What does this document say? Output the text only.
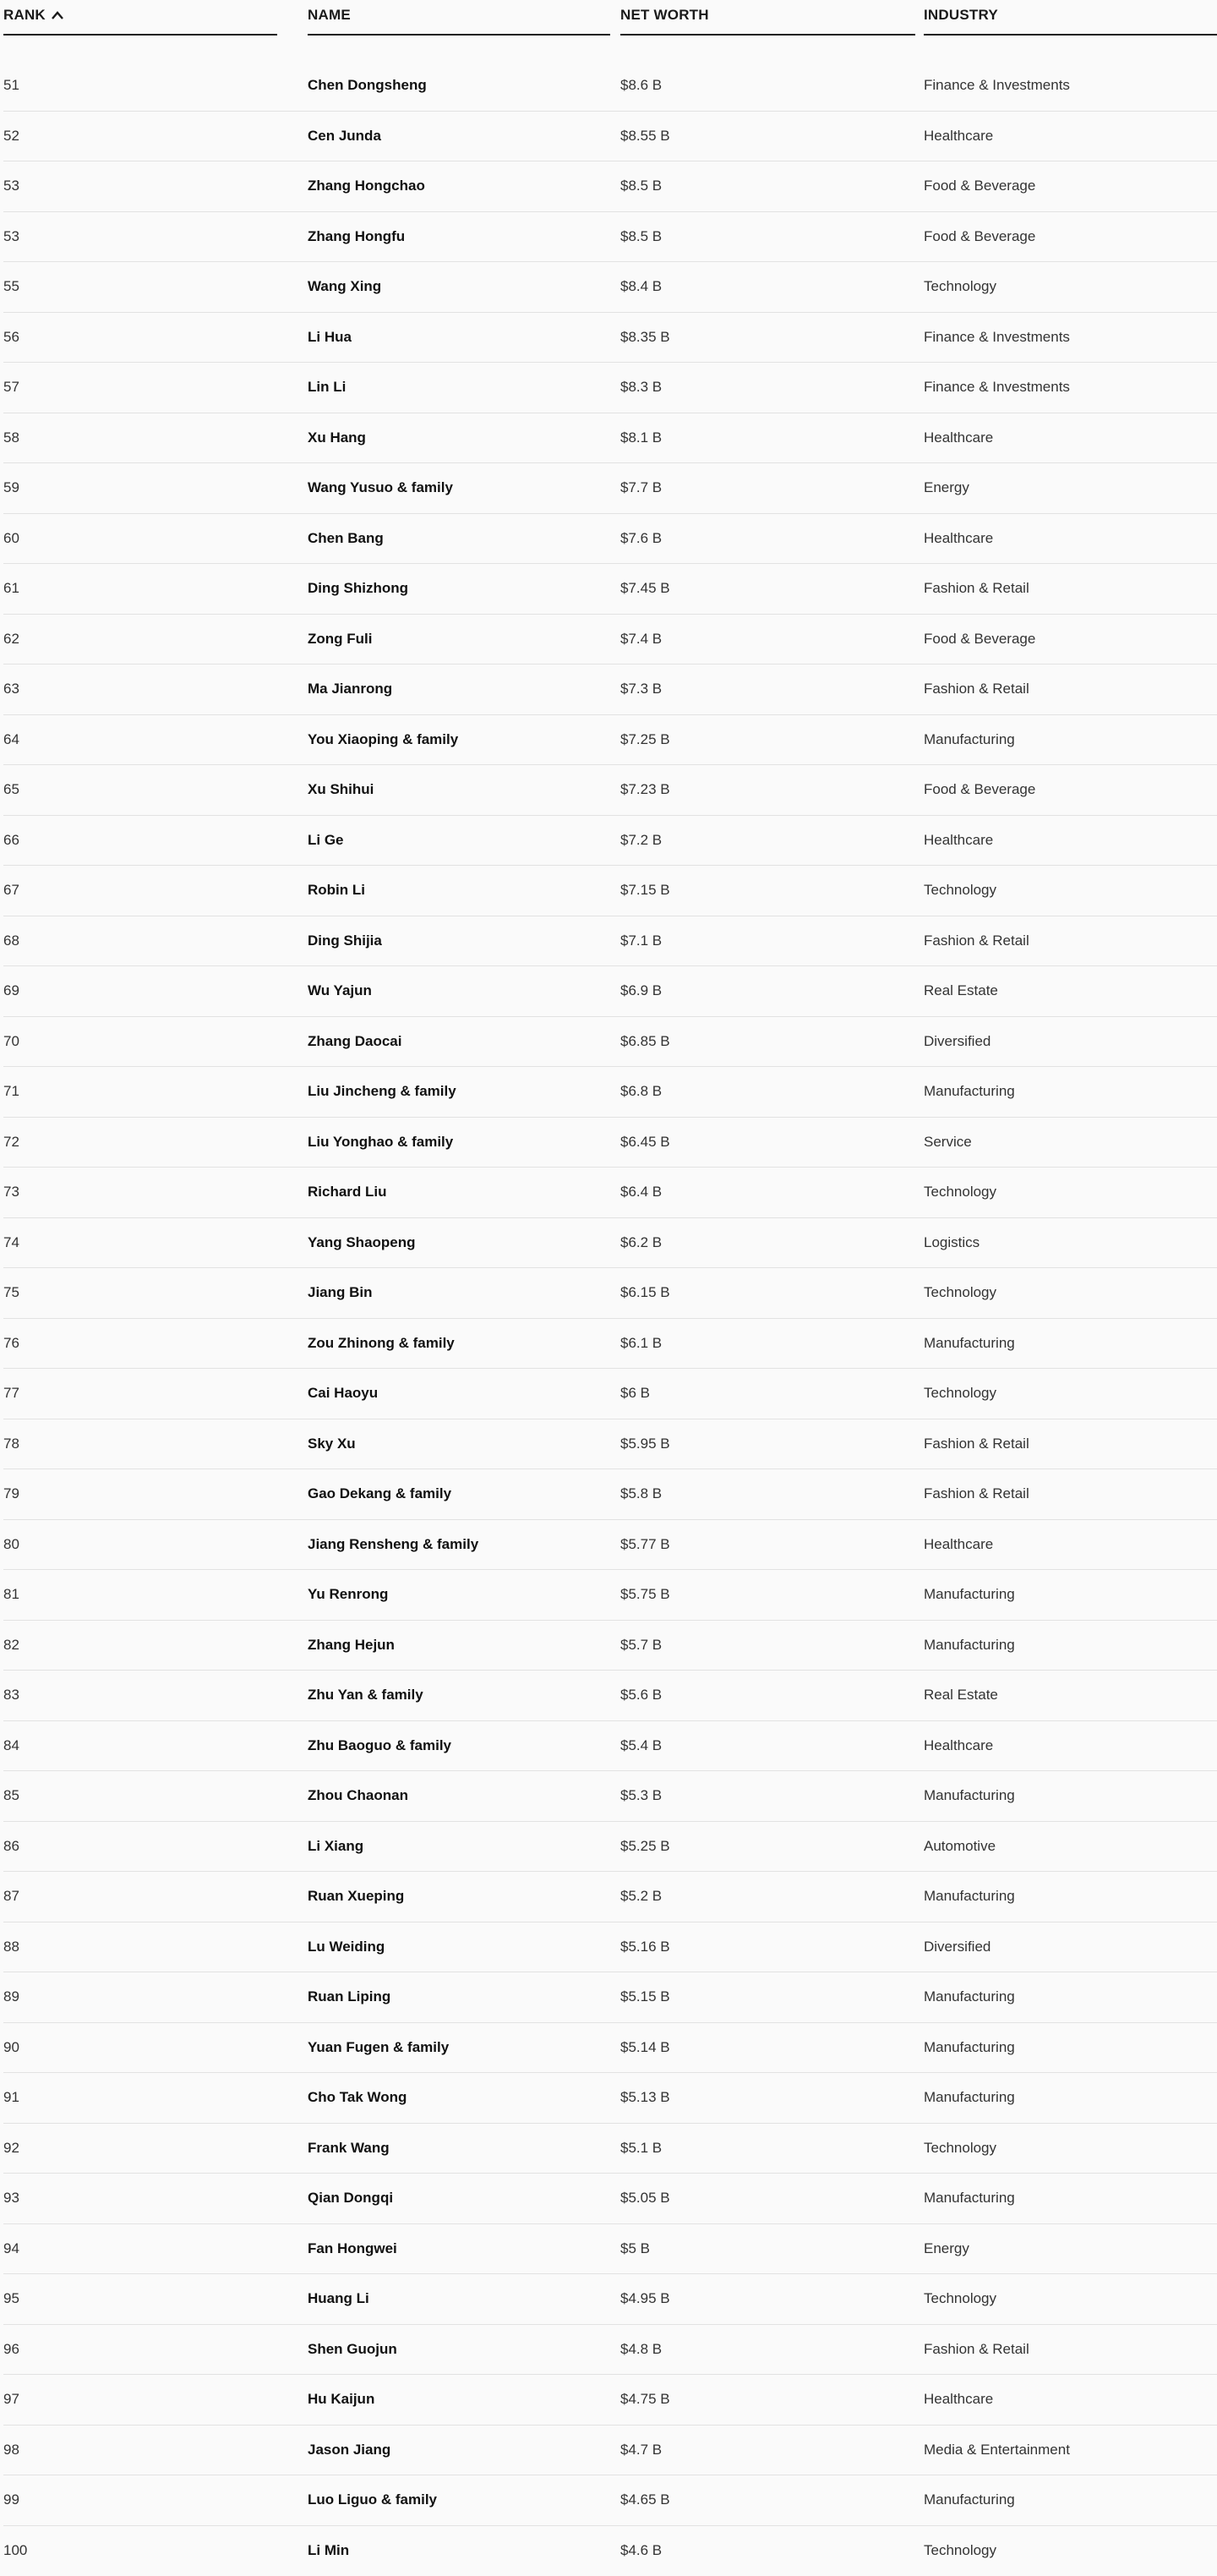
RANK	NAME	NET WORTH	INDUSTRY
51	Chen Dongsheng	$8.6 B	Finance & Investments
52	Cen Junda	$8.55 B	Healthcare
53	Zhang Hongchao	$8.5 B	Food & Beverage
53	Zhang Hongfu	$8.5 B	Food & Beverage
55	Wang Xing	$8.4 B	Technology
56	Li Hua	$8.35 B	Finance & Investments
57	Lin Li	$8.3 B	Finance & Investments
58	Xu Hang	$8.1 B	Healthcare
59	Wang Yusuo & family	$7.7 B	Energy
60	Chen Bang	$7.6 B	Healthcare
61	Ding Shizhong	$7.45 B	Fashion & Retail
62	Zong Fuli	$7.4 B	Food & Beverage
63	Ma Jianrong	$7.3 B	Fashion & Retail
64	You Xiaoping & family	$7.25 B	Manufacturing
65	Xu Shihui	$7.23 B	Food & Beverage
66	Li Ge	$7.2 B	Healthcare
67	Robin Li	$7.15 B	Technology
68	Ding Shijia	$7.1 B	Fashion & Retail
69	Wu Yajun	$6.9 B	Real Estate
70	Zhang Daocai	$6.85 B	Diversified
71	Liu Jincheng & family	$6.8 B	Manufacturing
72	Liu Yonghao & family	$6.45 B	Service
73	Richard Liu	$6.4 B	Technology
74	Yang Shaopeng	$6.2 B	Logistics
75	Jiang Bin	$6.15 B	Technology
76	Zou Zhinong & family	$6.1 B	Manufacturing
77	Cai Haoyu	$6 B	Technology
78	Sky Xu	$5.95 B	Fashion & Retail
79	Gao Dekang & family	$5.8 B	Fashion & Retail
80	Jiang Rensheng & family	$5.77 B	Healthcare
81	Yu Renrong	$5.75 B	Manufacturing
82	Zhang Hejun	$5.7 B	Manufacturing
83	Zhu Yan & family	$5.6 B	Real Estate
84	Zhu Baoguo & family	$5.4 B	Healthcare
85	Zhou Chaonan	$5.3 B	Manufacturing
86	Li Xiang	$5.25 B	Automotive
87	Ruan Xueping	$5.2 B	Manufacturing
88	Lu Weiding	$5.16 B	Diversified
89	Ruan Liping	$5.15 B	Manufacturing
90	Yuan Fugen & family	$5.14 B	Manufacturing
91	Cho Tak Wong	$5.13 B	Manufacturing
92	Frank Wang	$5.1 B	Technology
93	Qian Dongqi	$5.05 B	Manufacturing
94	Fan Hongwei	$5 B	Energy
95	Huang Li	$4.95 B	Technology
96	Shen Guojun	$4.8 B	Fashion & Retail
97	Hu Kaijun	$4.75 B	Healthcare
98	Jason Jiang	$4.7 B	Media & Entertainment
99	Luo Liguo & family	$4.65 B	Manufacturing
100	Li Min	$4.6 B	Technology
